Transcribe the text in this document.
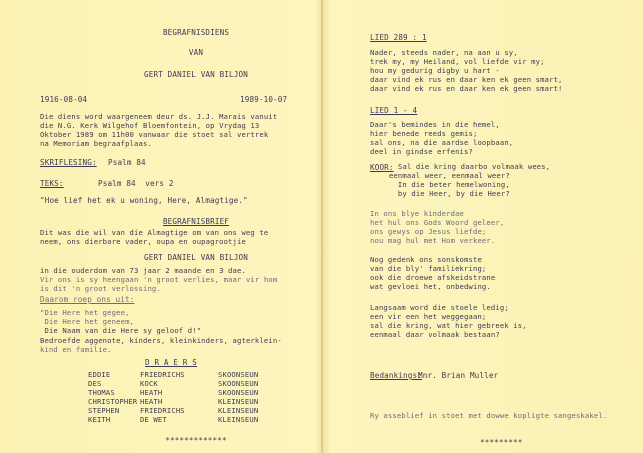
BEGRAFNISDIENS
VAN
GERT DANIEL VAN BILJON
1916-08-04	1989-10-07
Die diens word waargeneem deur ds. J.J. Marais vanuit
die N.G. Kerk Wilgehof Bloemfontein, op Vrydag 13
Oktober 1989 om 11h00 vanwaar die stoet sal vertrek
na Memoriam begraafplaas.
SKRIFLESING: Psalm 84
TEKS:	Psalm 84  vers 2
"Hoe lief het ek u woning, Here, Almagtige."
BEGRAFNISBRIEF
Dit was die wil van die Almagtige om van ons weg te
neem, ons dierbare vader, oupa en oupagrootjie
GERT DANIEL VAN BILJON
in die ouderdom van 73 jaar 2 maande en 3 dae.
Vir ons is sy heengaan 'n groot verlies, maar vir hom
is dit 'n groot verlossing.
Daarom roep ons uit:
"Die Here het gegee,
Die Here het geneem,
Die Naam van die Here sy geloof d!"
Bedroefde aggenote, kinders, kleinkinders, agterklein-
kind en familie.
D R A E R S
EDDIE	FRIEDRICHS	SKOONSEUN
DES	KOCK	SKOONSEUN
THOMAS	HEATH	SKOONSEUN
CHRISTOPHER HEATH	KLEINSEUN
STEPHEN	FRIEDRICHS	KLEINSEUN
KEITH	DE WET	KLEINSEUN
*************
LIED 289 : 1
Nader, steeds nader, na aan u sy,
trek my, my Heiland, vol liefde vir my;
hou my gedurig digby u hart -
daar vind ek rus en daar ken ek geen smart,
daar vind ek rus en daar ken ek geen smart!
LIED 1 - 4
Daar's bemindes in die hemel,
hier benede reeds gemis;
sal ons, na die aardse loopbaan,
deel in gindse erfenis?
KOOR: Sal die kring daarbo volmaak wees,
eenmaal weer, eenmaal weer?
In die beter hemelwoning,
by die Heer, by die Heer?
In ons blye kinderdae
het hul ons Gods Woord geleer,
ons gewys op Jesus liefde;
nou mag hul met Hom verkeer.
Nog gedenk ons sonskomste
van die bly' familiekring;
ook die droewe afskeidstrane
wat gevloei het, onbedwing.
Langsaam word die stoele ledig;
een vir een het weggegaan;
sal die kring, wat hier gebreek is,
eenmaal daar volmaak bestaan?
Bedankings:
Mnr. Brian Muller
Ry asseblief in stoet met dowwe kopligte sangeskakel.
*********
